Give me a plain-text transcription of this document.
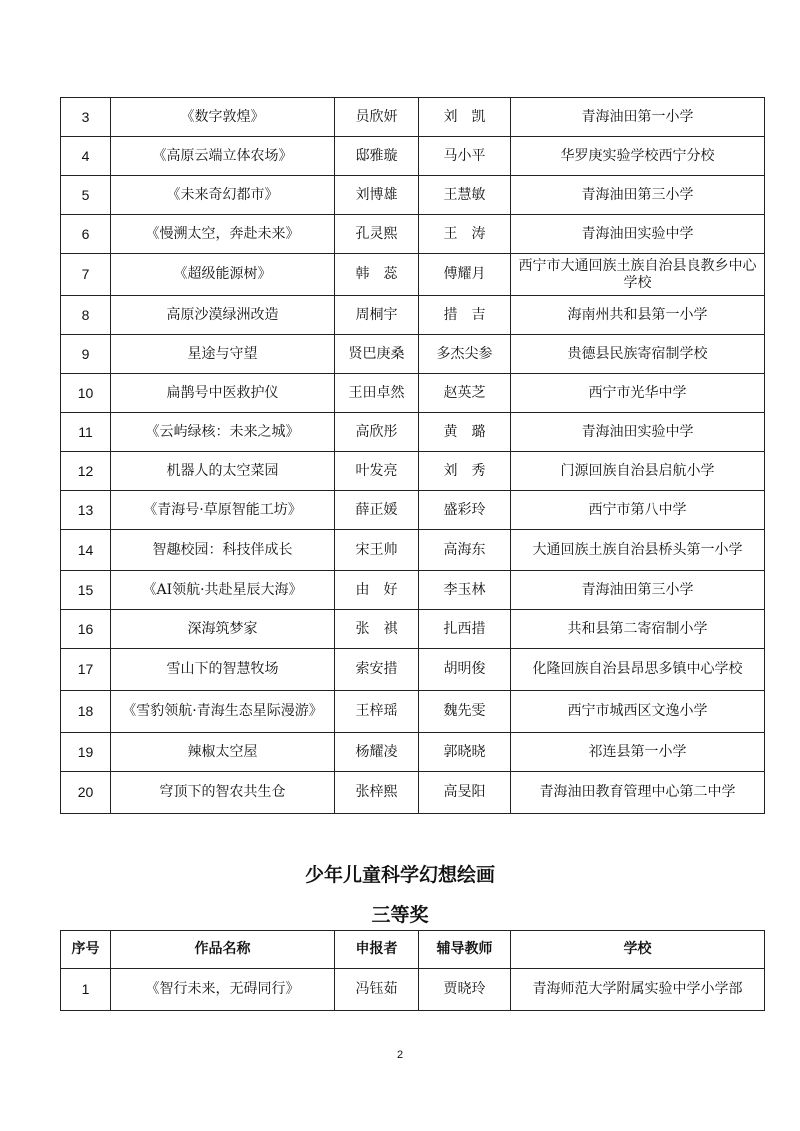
3	《数字敦煌》	员欣妍	刘　凯	青海油田第一小学
4	《高原云端立体农场》	邸雅璇	马小平	华罗庚实验学校西宁分校
5	《未来奇幻都市》	刘博雄	王慧敏	青海油田第三小学
6	《慢溯太空，奔赴未来》	孔灵熙	王　涛	青海油田实验中学
7	《超级能源树》	韩　蕊	傅耀月	西宁市大通回族土族自治县良教乡中心学校
8	高原沙漠绿洲改造	周桐宇	措　吉	海南州共和县第一小学
9	星途与守望	贤巴庚桑	多杰尖参	贵德县民族寄宿制学校
10	扁鹊号中医救护仪	王田卓然	赵英芝	西宁市光华中学
11	《云屿绿核：未来之城》	高欣彤	黄　璐	青海油田实验中学
12	机器人的太空菜园	叶发亮	刘　秀	门源回族自治县启航小学
13	《青海号·草原智能工坊》	薛正媛	盛彩玲	西宁市第八中学
14	智趣校园：科技伴成长	宋王帅	高海东	大通回族土族自治县桥头第一小学
15	《AI领航·共赴星辰大海》	由　好	李玉林	青海油田第三小学
16	深海筑梦家	张　祺	扎西措	共和县第二寄宿制小学
17	雪山下的智慧牧场	索安措	胡明俊	化隆回族自治县昂思多镇中心学校
18	《雪豹领航·青海生态星际漫游》	王梓瑶	魏先雯	西宁市城西区文逸小学
19	辣椒太空屋	杨耀凌	郭晓晓	祁连县第一小学
20	穹顶下的智农共生仓	张梓熙	高旻阳	青海油田教育管理中心第二中学
少年儿童科学幻想绘画
三等奖
序号	作品名称	申报者	辅导教师	学校
1	《智行未来，无碍同行》	冯钰茹	贾晓玲	青海师范大学附属实验中学小学部
2
